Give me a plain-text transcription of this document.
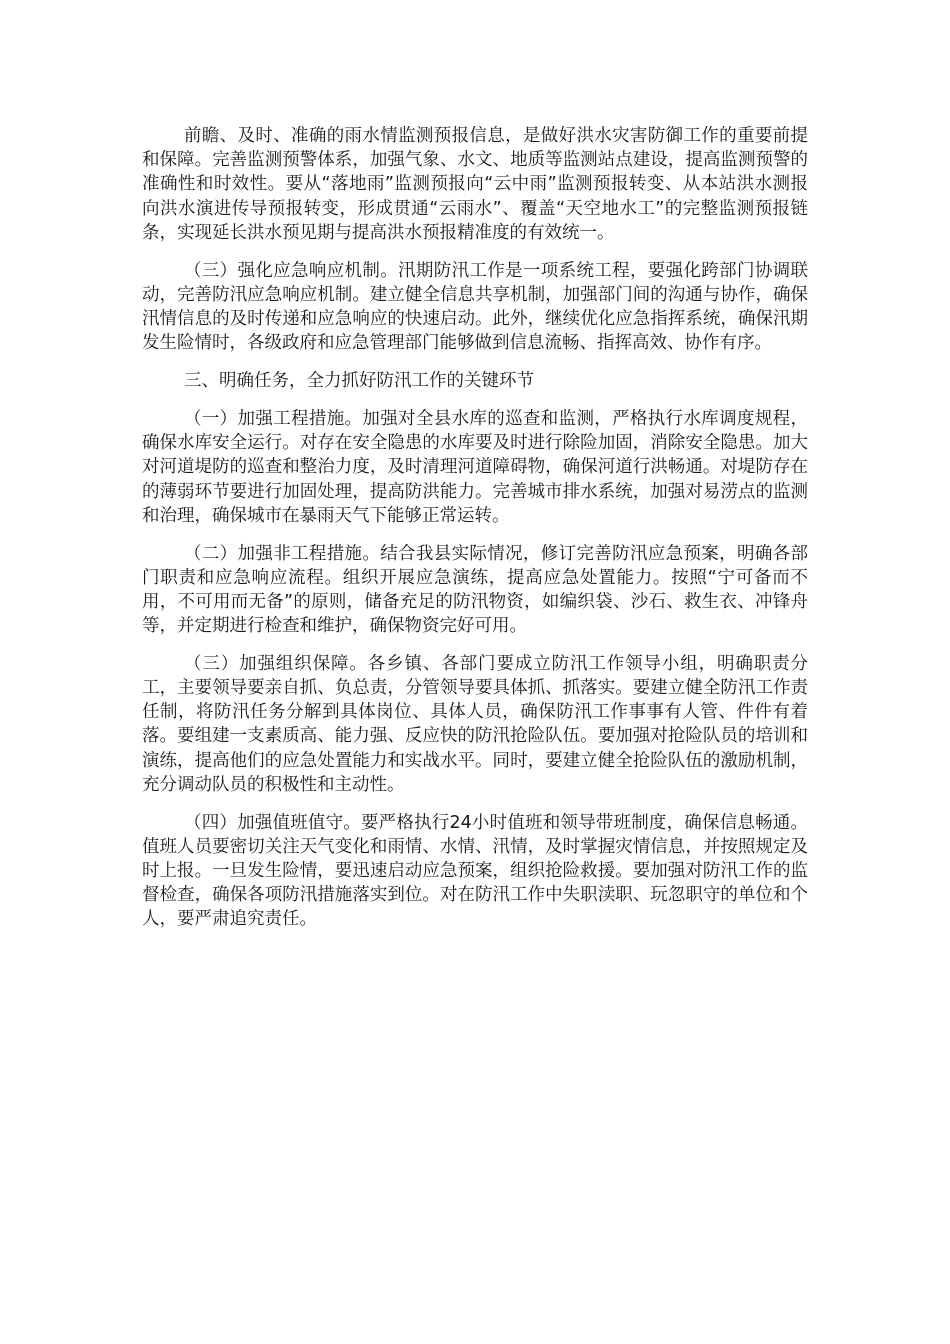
前瞻、及时、准确的雨水情监测预报信息，是做好洪水灾害防御工作的重要前提和保障。完善监测预警体系，加强气象、水文、地质等监测站点建设，提高监测预警的准确性和时效性。要从“落地雨”监测预报向“云中雨”监测预报转变、从本站洪水测报向洪水演进传导预报转变，形成贯通“云雨水”、覆盖“天空地水工”的完整监测预报链条，实现延长洪水预见期与提高洪水预报精准度的有效统一。

（三）强化应急响应机制。汛期防汛工作是一项系统工程，要强化跨部门协调联动，完善防汛应急响应机制。建立健全信息共享机制，加强部门间的沟通与协作，确保汛情信息的及时传递和应急响应的快速启动。此外，继续优化应急指挥系统，确保汛期发生险情时，各级政府和应急管理部门能够做到信息流畅、指挥高效、协作有序。

三、明确任务，全力抓好防汛工作的关键环节

（一）加强工程措施。加强对全县水库的巡查和监测，严格执行水库调度规程，确保水库安全运行。对存在安全隐患的水库要及时进行除险加固，消除安全隐患。加大对河道堤防的巡查和整治力度，及时清理河道障碍物，确保河道行洪畅通。对堤防存在的薄弱环节要进行加固处理，提高防洪能力。完善城市排水系统，加强对易涝点的监测和治理，确保城市在暴雨天气下能够正常运转。

（二）加强非工程措施。结合我县实际情况，修订完善防汛应急预案，明确各部门职责和应急响应流程。组织开展应急演练，提高应急处置能力。按照“宁可备而不用，不可用而无备”的原则，储备充足的防汛物资，如编织袋、沙石、救生衣、冲锋舟等，并定期进行检查和维护，确保物资完好可用。

（三）加强组织保障。各乡镇、各部门要成立防汛工作领导小组，明确职责分工，主要领导要亲自抓、负总责，分管领导要具体抓、抓落实。要建立健全防汛工作责任制，将防汛任务分解到具体岗位、具体人员，确保防汛工作事事有人管、件件有着落。要组建一支素质高、能力强、反应快的防汛抢险队伍。要加强对抢险队员的培训和演练，提高他们的应急处置能力和实战水平。同时，要建立健全抢险队伍的激励机制，充分调动队员的积极性和主动性。

（四）加强值班值守。要严格执行24小时值班和领导带班制度，确保信息畅通。值班人员要密切关注天气变化和雨情、水情、汛情，及时掌握灾情信息，并按照规定及时上报。一旦发生险情，要迅速启动应急预案，组织抢险救援。要加强对防汛工作的监督检查，确保各项防汛措施落实到位。对在防汛工作中失职渎职、玩忽职守的单位和个人，要严肃追究责任。
